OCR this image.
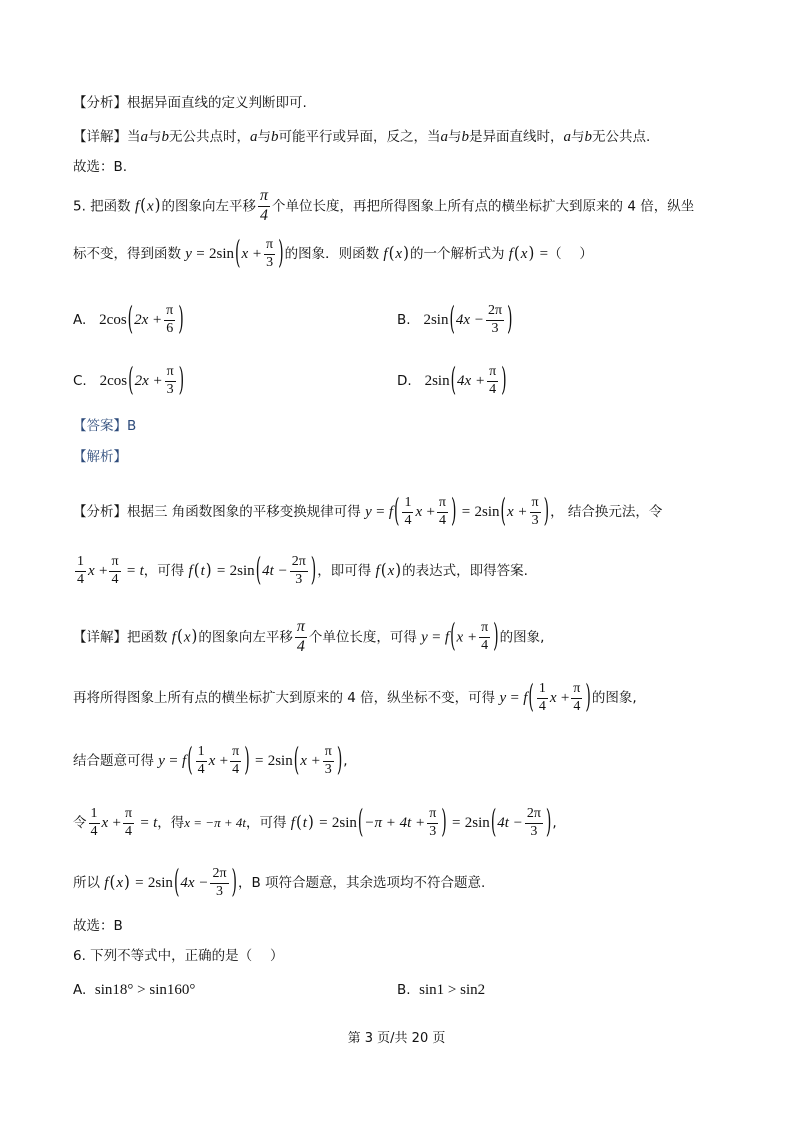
【分析】根据异面直线的定义判断即可.
【详解】当a与b无公共点时，a与b可能平行或异面，反之，当a与b是异面直线时，a与b无公共点.
故选：B.
5. 把函数 f(x)的图象向左平移 $\frac{\pi}{4}$ 个单位长度，再把所得图象上所有点的横坐标扩大到原来的 4 倍，纵坐
标不变，得到函数 $y = 2\sin(x + \frac{\pi}{3}$ )的图象．则函数 f(x)的一个解析式为 f(x) =（　 ）
A. $2\cos(2x + \frac{\pi}{6}$ )	B. $2\sin(4x - \frac{2\pi}{3}$ )
C. $2\cos(2x + \frac{\pi}{3}$ )	D. $2\sin(4x + \frac{\pi}{4}$ )
【答案】B
【解析】
【分析】根据三 角函数图象的平移变换规律可得 $y = f( \frac{1}{4}$ $x + \frac{\pi}{4}$ ) = $2\sin(x + \frac{\pi}{3}$ )， 结合换元法，令
$\frac{1}{4}$ $x + \frac{\pi}{4} = t$，可得 $f(t) = 2\sin(4t - \frac{2\pi}{3}$ )，即可得 f(x)的表达式，即得答案.
【详解】把函数 f(x)的图象向左平移 $\frac{\pi}{4}$ 个单位长度，可得 $y = f(x + \frac{\pi}{4}$ )的图象,
再将所得图象上所有点的横坐标扩大到原来的 4 倍，纵坐标不变，可得 $y = f( \frac{1}{4}$ $x + \frac{\pi}{4}$ )的图象,
结合题意可得 $y = f( \frac{1}{4}$ $x + \frac{\pi}{4}$ ) = $2\sin(x + \frac{\pi}{3}$ ),
令 $\frac{1}{4}$ $x + \frac{\pi}{4} = t$，得x = −π + 4t，可得 $f(t) = 2\sin(-\pi + 4t + \frac{\pi}{3}$ ) = $2\sin(4t - \frac{2\pi}{3}$ ),
所以 $f(x) = 2\sin(4x - \frac{2\pi}{3}$ )，B 项符合题意，其余选项均不符合题意.
故选：B
6. 下列不等式中，正确的是（　 ）
A. sin18° > sin160°	B. sin1 > sin2
第 3 页/共 20 页
